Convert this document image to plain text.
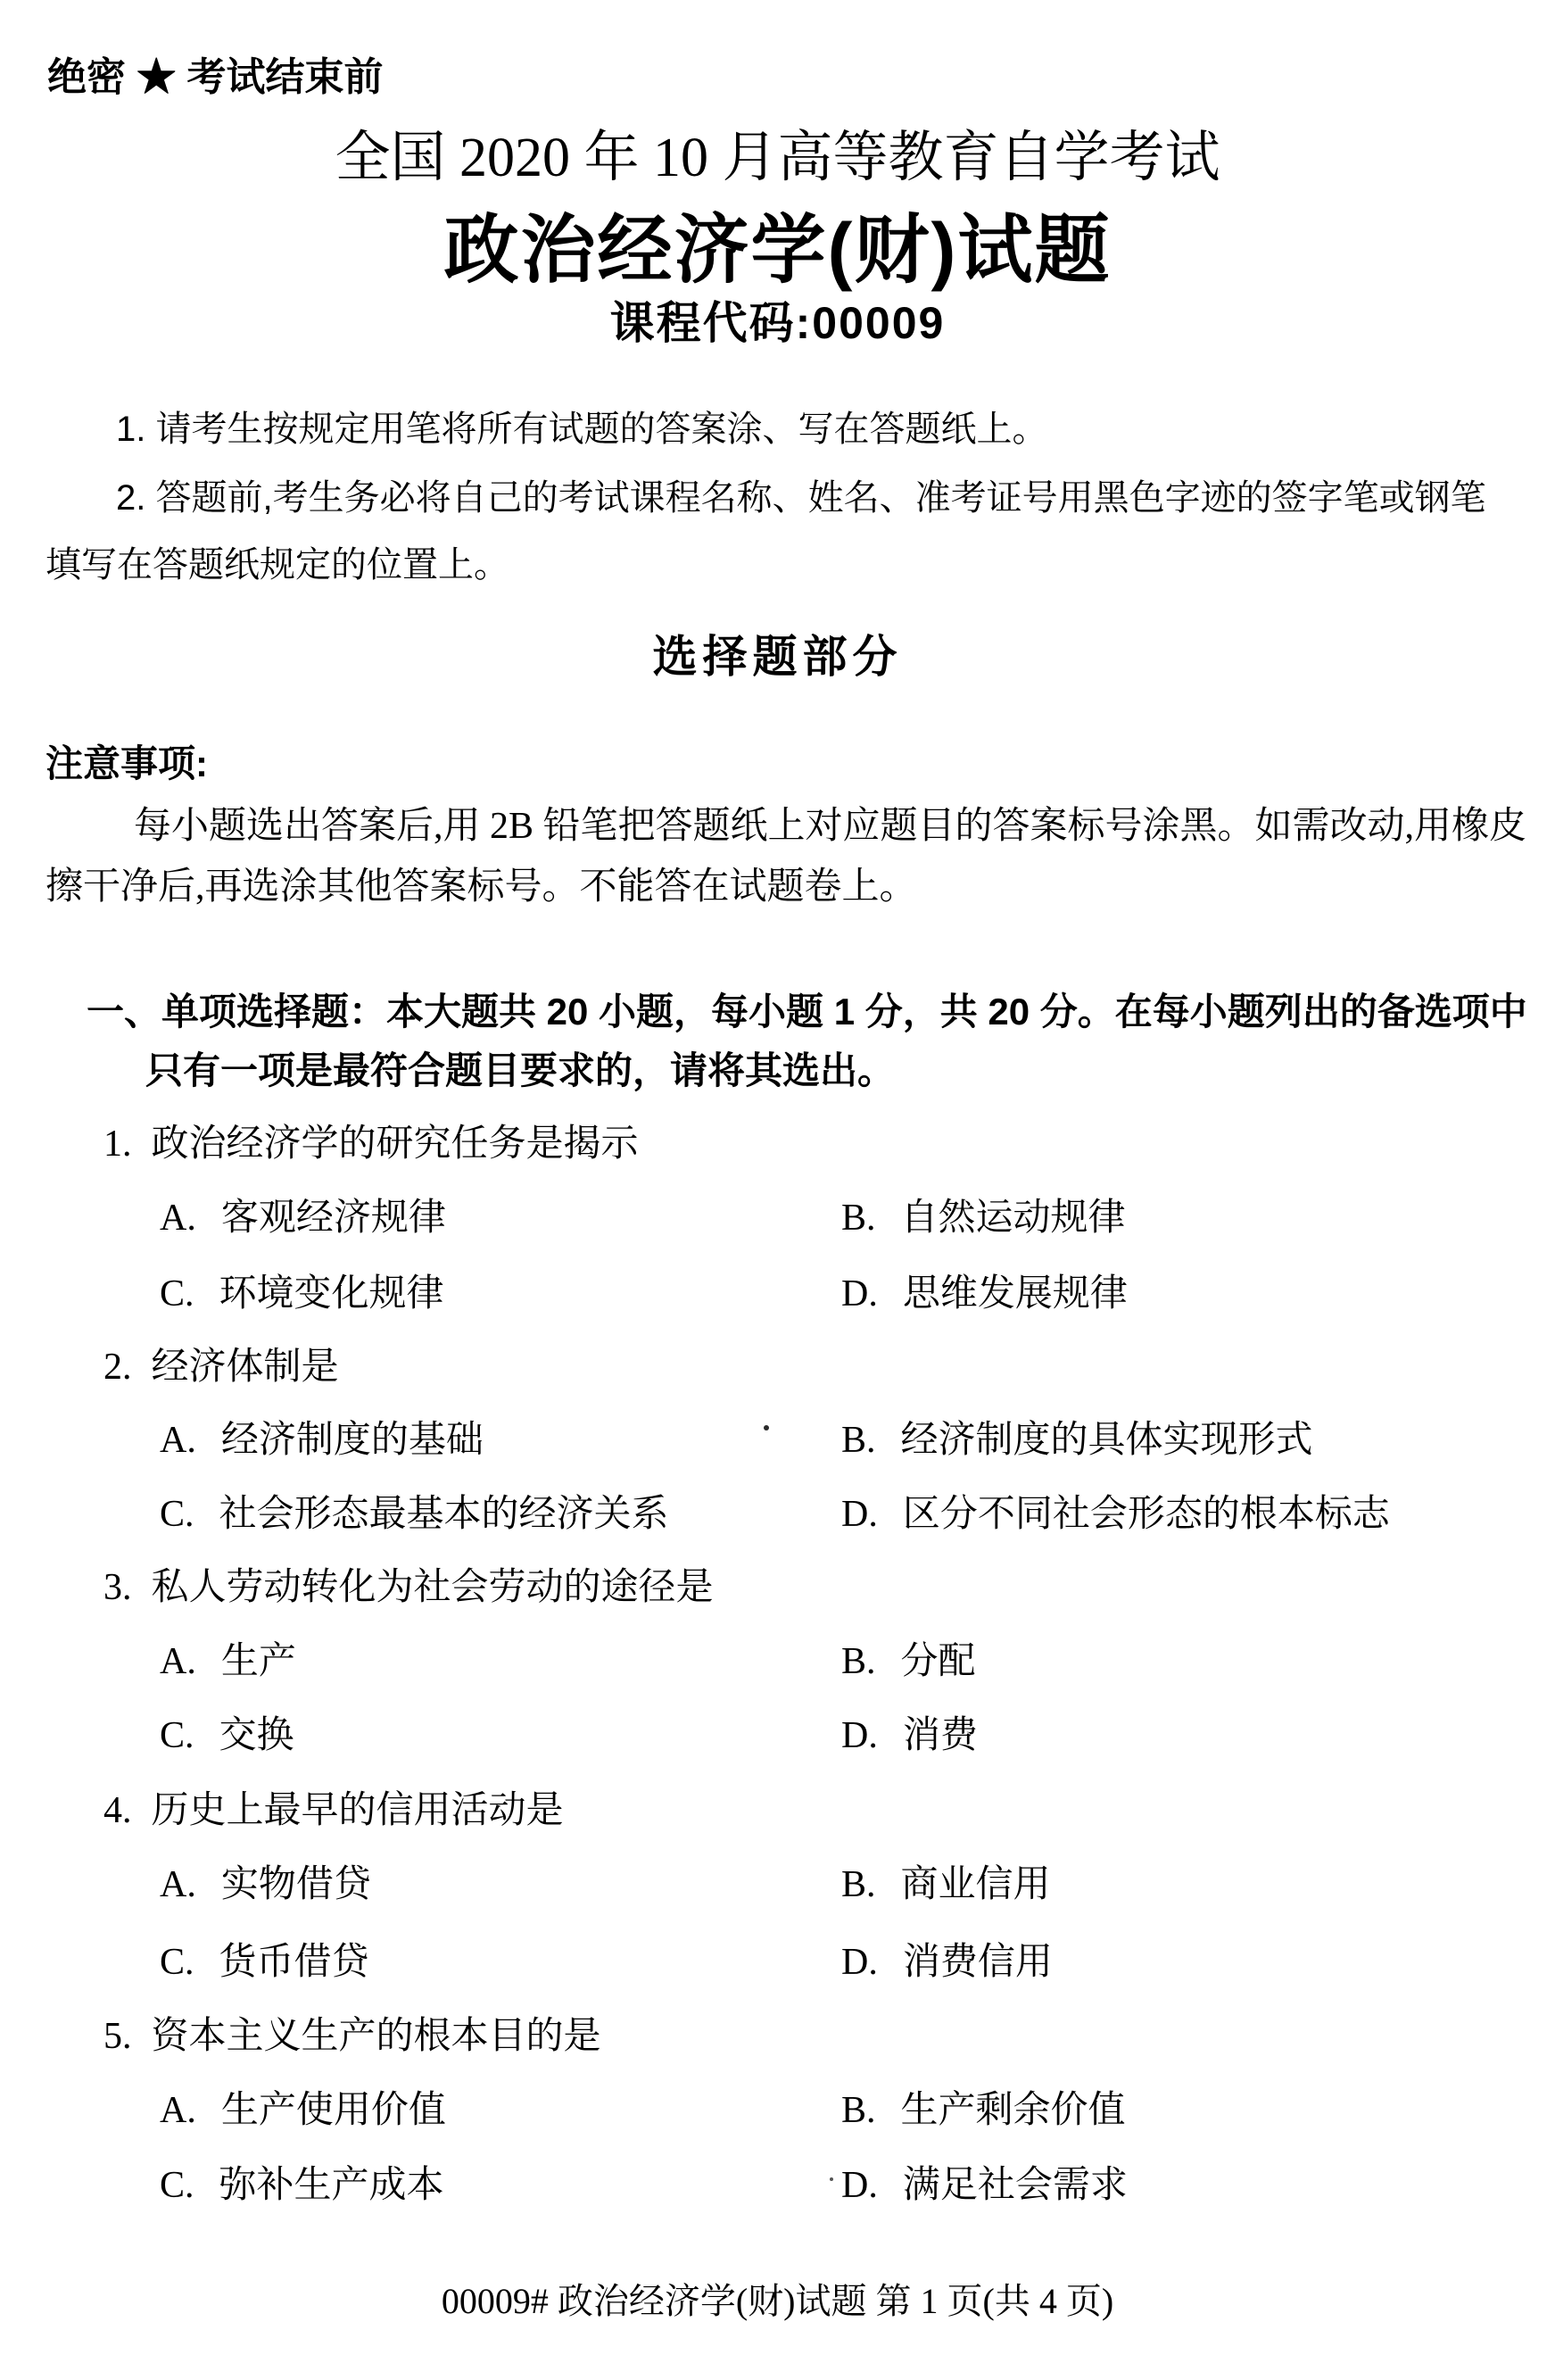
绝密 ★ 考试结束前
全国 2020 年 10 月高等教育自学考试
政治经济学(财)试题
课程代码:00009
1. 请考生按规定用笔将所有试题的答案涂、写在答题纸上。
2. 答题前,考生务必将自己的考试课程名称、姓名、准考证号用黑色字迹的签字笔或钢笔
填写在答题纸规定的位置上。
选择题部分
注意事项:
每小题选出答案后,用 2B 铅笔把答题纸上对应题目的答案标号涂黑。如需改动,用橡皮
擦干净后,再选涂其他答案标号。不能答在试题卷上。
一、单项选择题：本大题共 20 小题，每小题 1 分，共 20 分。在每小题列出的备选项中
只有一项是最符合题目要求的，请将其选出。
1. 政治经济学的研究任务是揭示
A. 客观经济规律	B. 自然运动规律
C. 环境变化规律	D. 思维发展规律
2. 经济体制是
A. 经济制度的基础	B. 经济制度的具体实现形式
C. 社会形态最基本的经济关系	D. 区分不同社会形态的根本标志
3. 私人劳动转化为社会劳动的途径是
A. 生产	B. 分配
C. 交换	D. 消费
4. 历史上最早的信用活动是
A. 实物借贷	B. 商业信用
C. 货币借贷	D. 消费信用
5. 资本主义生产的根本目的是
A. 生产使用价值	B. 生产剩余价值
C. 弥补生产成本	D. 满足社会需求
00009# 政治经济学(财)试题 第 1 页(共 4 页)
